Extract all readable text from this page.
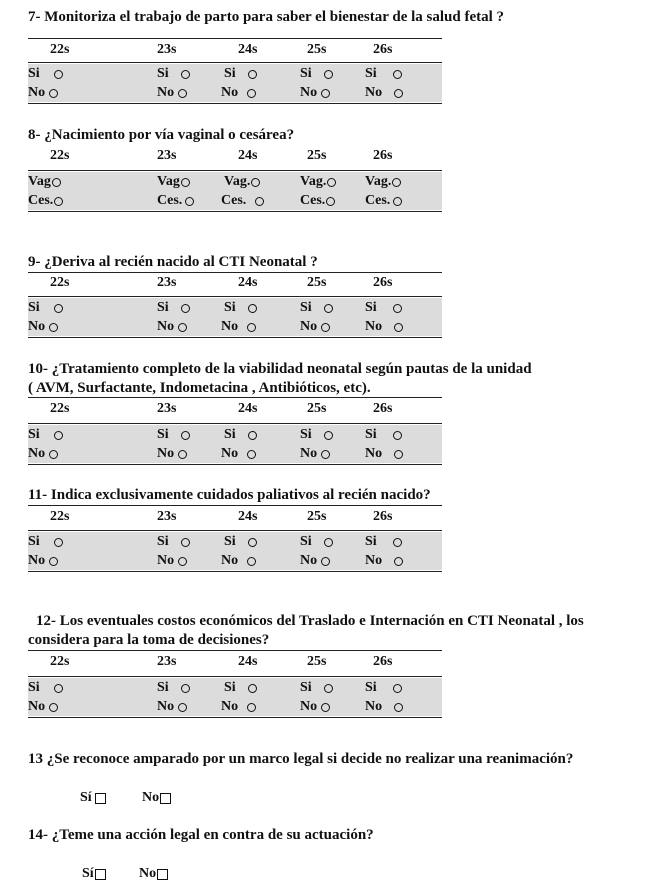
7- Monitoriza el trabajo de parto para saber el bienestar de la salud fetal ?
22s	23s	24s	25s	26s
Si	Si	Si	Si	Si
No	No	No	No	No
8- ¿Nacimiento por vía vaginal o cesárea?
22s	23s	24s	25s	26s
Vag	Vag	Vag.	Vag.	Vag.
Ces.	Ces.	Ces.	Ces.	Ces.
9- ¿Deriva al recién nacido al CTI Neonatal ?
22s	23s	24s	25s	26s
Si	Si	Si	Si	Si
No	No	No	No	No
10- ¿Tratamiento completo de la viabilidad neonatal según pautas de la unidad
( AVM, Surfactante, Indometacina , Antibióticos, etc).
22s	23s	24s	25s	26s
Si	Si	Si	Si	Si
No	No	No	No	No
11- Indica exclusivamente cuidados paliativos al recién nacido?
22s	23s	24s	25s	26s
Si	Si	Si	Si	Si
No	No	No	No	No
12- Los eventuales costos económicos del Traslado e Internación en CTI Neonatal , los
considera para la toma de decisiones?
22s	23s	24s	25s	26s
Si	Si	Si	Si	Si
No	No	No	No	No
13 ¿Se reconoce amparado por un marco legal si decide no realizar una reanimación?
Sí	No
14- ¿Teme una acción legal en contra de su actuación?
Sí	No
